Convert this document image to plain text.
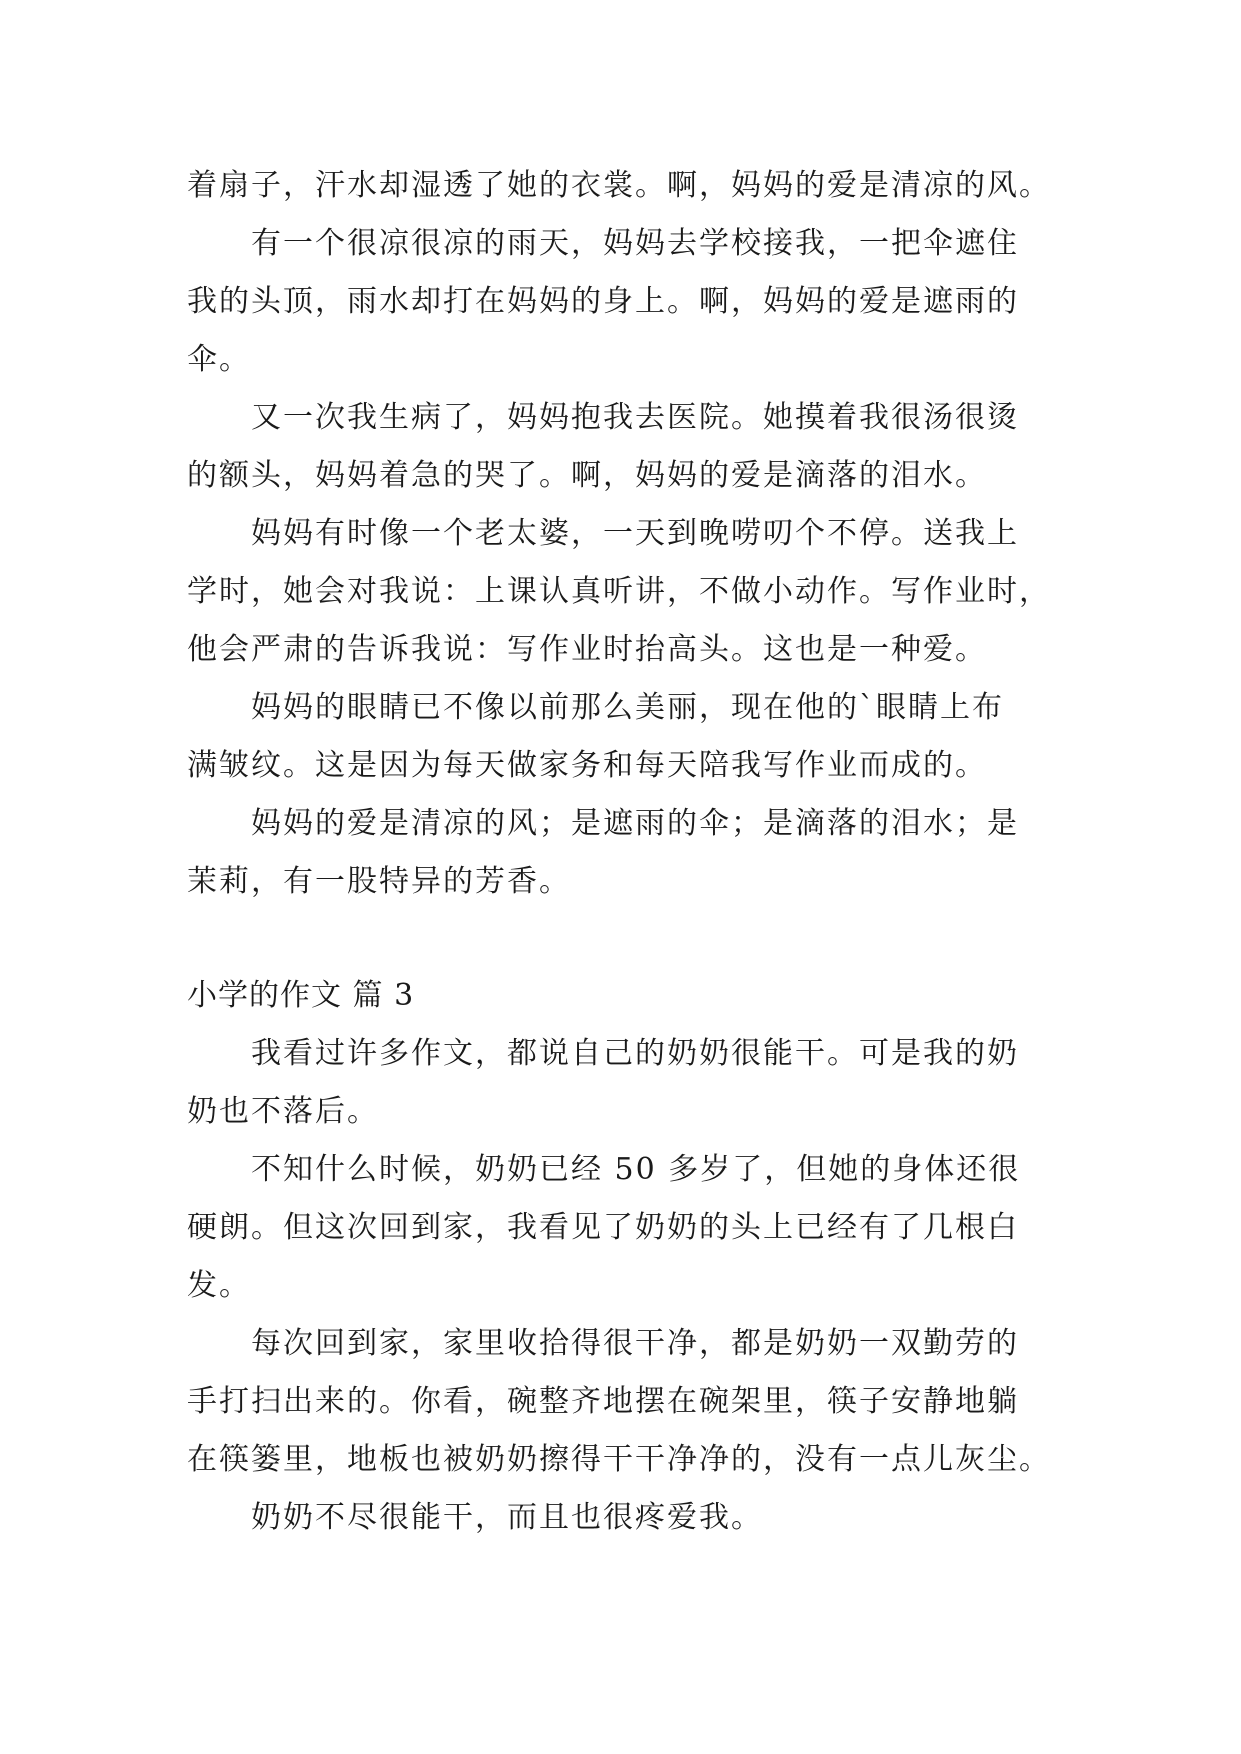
着扇子，汗水却湿透了她的衣裳。啊，妈妈的爱是清凉的风。
　　有一个很凉很凉的雨天，妈妈去学校接我，一把伞遮住
我的头顶，雨水却打在妈妈的身上。啊，妈妈的爱是遮雨的
伞。
　　又一次我生病了，妈妈抱我去医院。她摸着我很汤很烫
的额头，妈妈着急的哭了。啊，妈妈的爱是滴落的泪水。
　　妈妈有时像一个老太婆，一天到晚唠叨个不停。送我上
学时，她会对我说：上课认真听讲，不做小动作。写作业时，
他会严肃的告诉我说：写作业时抬高头。这也是一种爱。
　　妈妈的眼睛已不像以前那么美丽，现在他的`眼睛上布
满皱纹。这是因为每天做家务和每天陪我写作业而成的。
　　妈妈的爱是清凉的风；是遮雨的伞；是滴落的泪水；是
茉莉，有一股特异的芳香。
小学的作文 篇 3
　　我看过许多作文，都说自己的奶奶很能干。可是我的奶
奶也不落后。
　　不知什么时候，奶奶已经 50 多岁了，但她的身体还很
硬朗。但这次回到家，我看见了奶奶的头上已经有了几根白
发。
　　每次回到家，家里收拾得很干净，都是奶奶一双勤劳的
手打扫出来的。你看，碗整齐地摆在碗架里，筷子安静地躺
在筷篓里，地板也被奶奶擦得干干净净的，没有一点儿灰尘。
　　奶奶不尽很能干，而且也很疼爱我。
